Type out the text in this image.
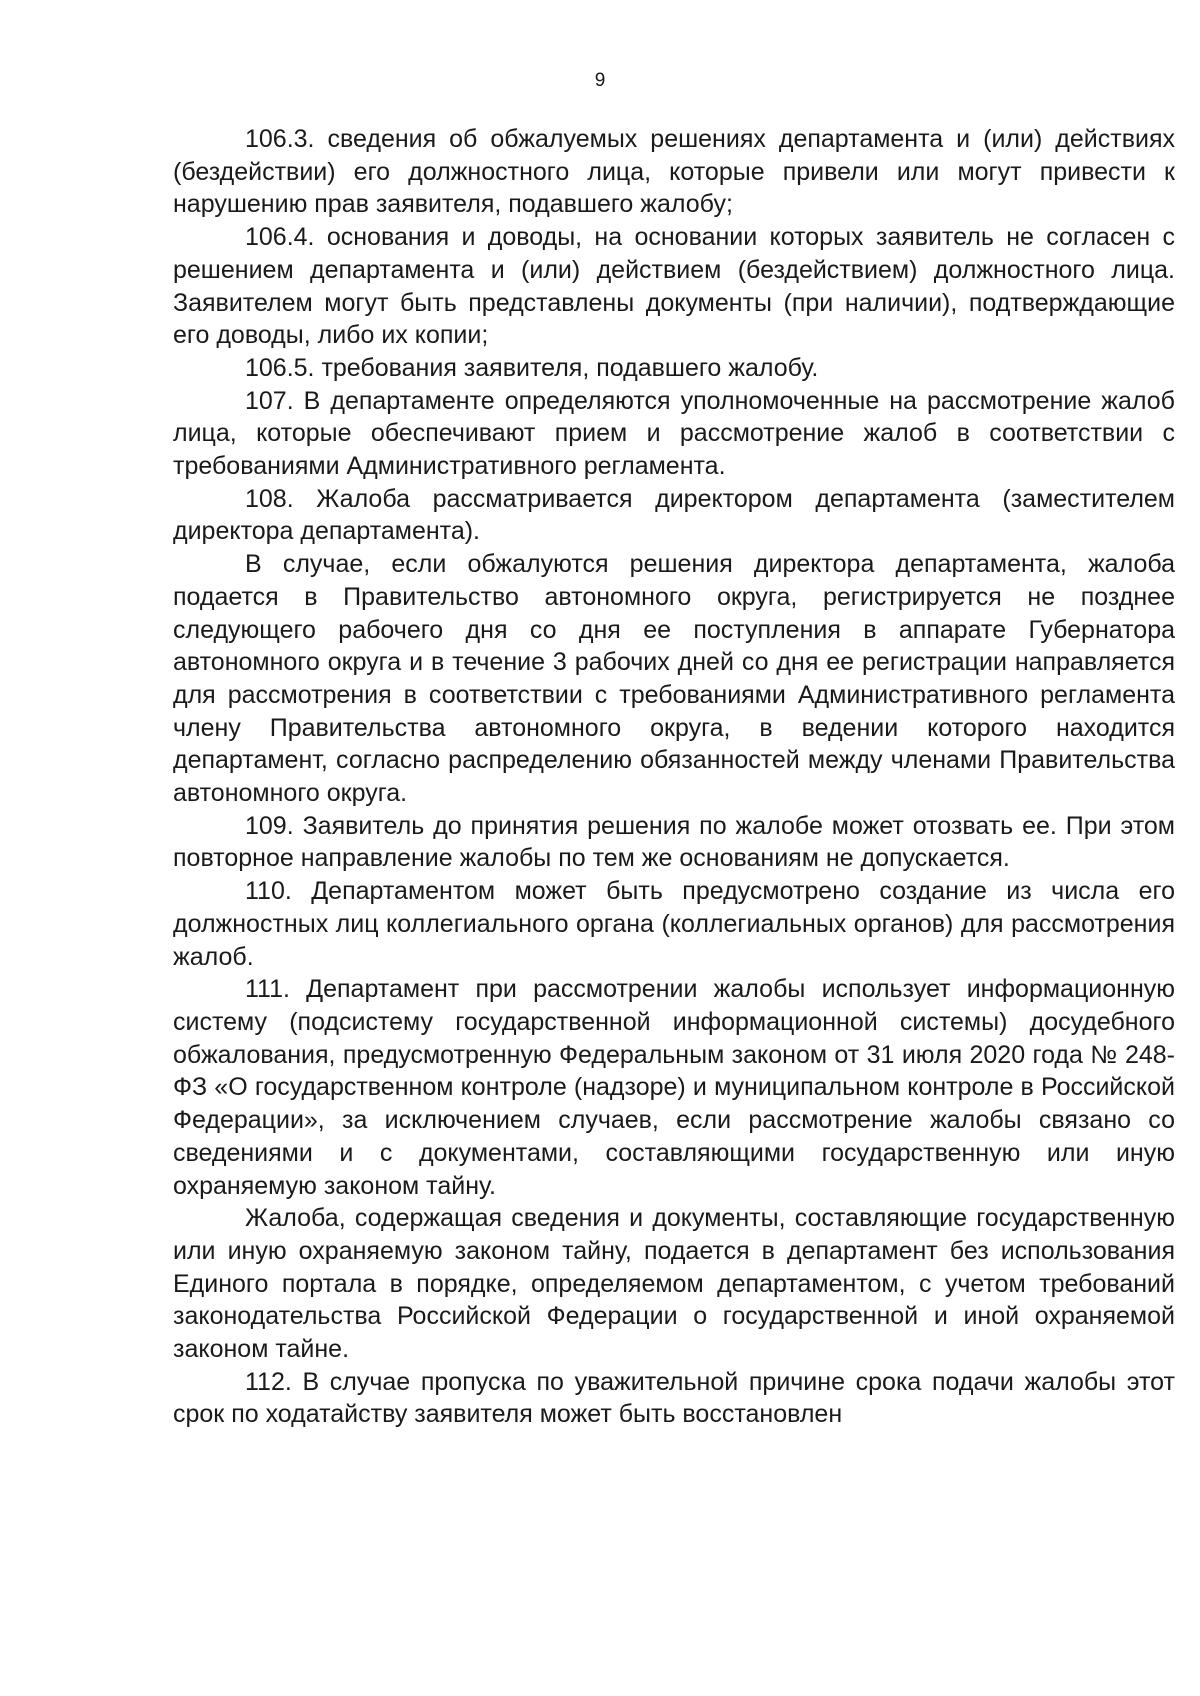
9

106.3. сведения об обжалуемых решениях департамента и (или) действиях (бездействии) его должностного лица, которые привели или могут привести к нарушению прав заявителя, подавшего жалобу;

106.4. основания и доводы, на основании которых заявитель не согласен с решением департамента и (или) действием (бездействием) должностного лица. Заявителем могут быть представлены документы (при наличии), подтверждающие его доводы, либо их копии;

106.5. требования заявителя, подавшего жалобу.

107. В департаменте определяются уполномоченные на рассмотрение жалоб лица, которые обеспечивают прием и рассмотрение жалоб в соответствии с требованиями Административного регламента.

108. Жалоба рассматривается директором департамента (заместителем директора департамента).

В случае, если обжалуются решения директора департамента, жалоба подается в Правительство автономного округа, регистрируется не позднее следующего рабочего дня со дня ее поступления в аппарате Губернатора автономного округа и в течение 3 рабочих дней со дня ее регистрации направляется для рассмотрения в соответствии с требованиями Административного регламента члену Правительства автономного округа, в ведении которого находится департамент, согласно распределению обязанностей между членами Правительства автономного округа.

109. Заявитель до принятия решения по жалобе может отозвать ее. При этом повторное направление жалобы по тем же основаниям не допускается.

110. Департаментом может быть предусмотрено создание из числа его должностных лиц коллегиального органа (коллегиальных органов) для рассмотрения жалоб.

111. Департамент при рассмотрении жалобы использует информационную систему (подсистему государственной информационной системы) досудебного обжалования, предусмотренную Федеральным законом от 31 июля 2020 года № 248-ФЗ «О государственном контроле (надзоре) и муниципальном контроле в Российской Федерации», за исключением случаев, если рассмотрение жалобы связано со сведениями и с документами, составляющими государственную или иную охраняемую законом тайну.

Жалоба, содержащая сведения и документы, составляющие государственную или иную охраняемую законом тайну, подается в департамент без использования Единого портала в порядке, определяемом департаментом, с учетом требований законодательства Российской Федерации о государственной и иной охраняемой законом тайне.

112. В случае пропуска по уважительной причине срока подачи жалобы этот срок по ходатайству заявителя может быть восстановлен
